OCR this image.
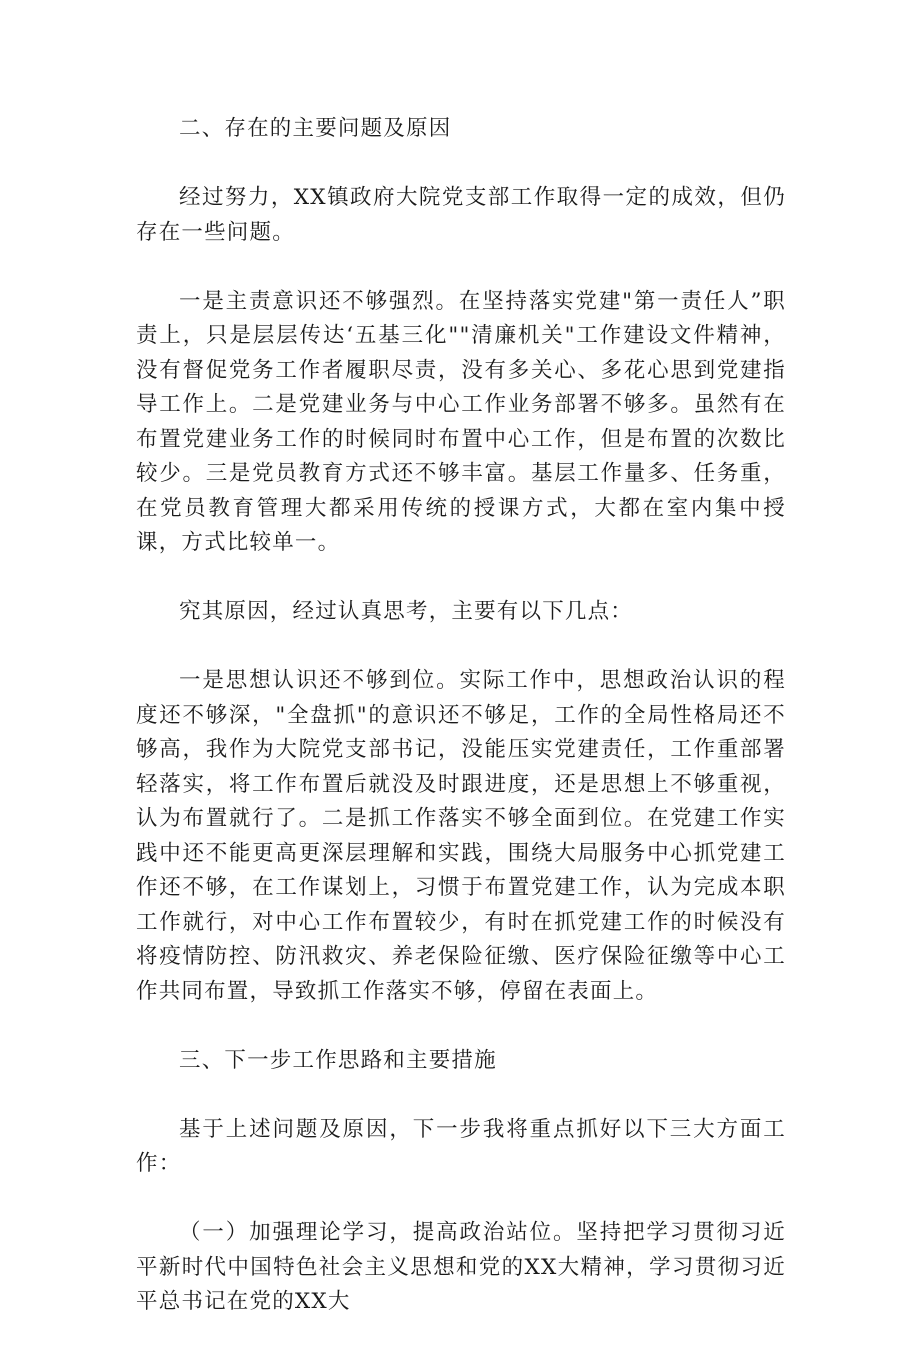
二、存在的主要问题及原因

经过努力，XX镇政府大院党支部工作取得一定的成效，但仍存在一些问题。

一是主责意识还不够强烈。在坚持落实党建"第一责任人”职责上，只是层层传达‘五基三化""清廉机关"工作建设文件精神，没有督促党务工作者履职尽责，没有多关心、多花心思到党建指导工作上。二是党建业务与中心工作业务部署不够多。虽然有在布置党建业务工作的时候同时布置中心工作，但是布置的次数比较少。三是党员教育方式还不够丰富。基层工作量多、任务重，在党员教育管理大都采用传统的授课方式，大都在室内集中授课，方式比较单一。

究其原因，经过认真思考，主要有以下几点：

一是思想认识还不够到位。实际工作中，思想政治认识的程度还不够深，"全盘抓"的意识还不够足，工作的全局性格局还不够高，我作为大院党支部书记，没能压实党建责任，工作重部署轻落实，将工作布置后就没及时跟进度，还是思想上不够重视，认为布置就行了。二是抓工作落实不够全面到位。在党建工作实践中还不能更高更深层理解和实践，围绕大局服务中心抓党建工作还不够，在工作谋划上，习惯于布置党建工作，认为完成本职工作就行，对中心工作布置较少，有时在抓党建工作的时候没有将疫情防控、防汛救灾、养老保险征缴、医疗保险征缴等中心工作共同布置，导致抓工作落实不够，停留在表面上。

三、下一步工作思路和主要措施

基于上述问题及原因，下一步我将重点抓好以下三大方面工作：

（一）加强理论学习，提高政治站位。坚持把学习贯彻习近平新时代中国特色社会主义思想和党的XX大精神，学习贯彻习近平总书记在党的XX大
